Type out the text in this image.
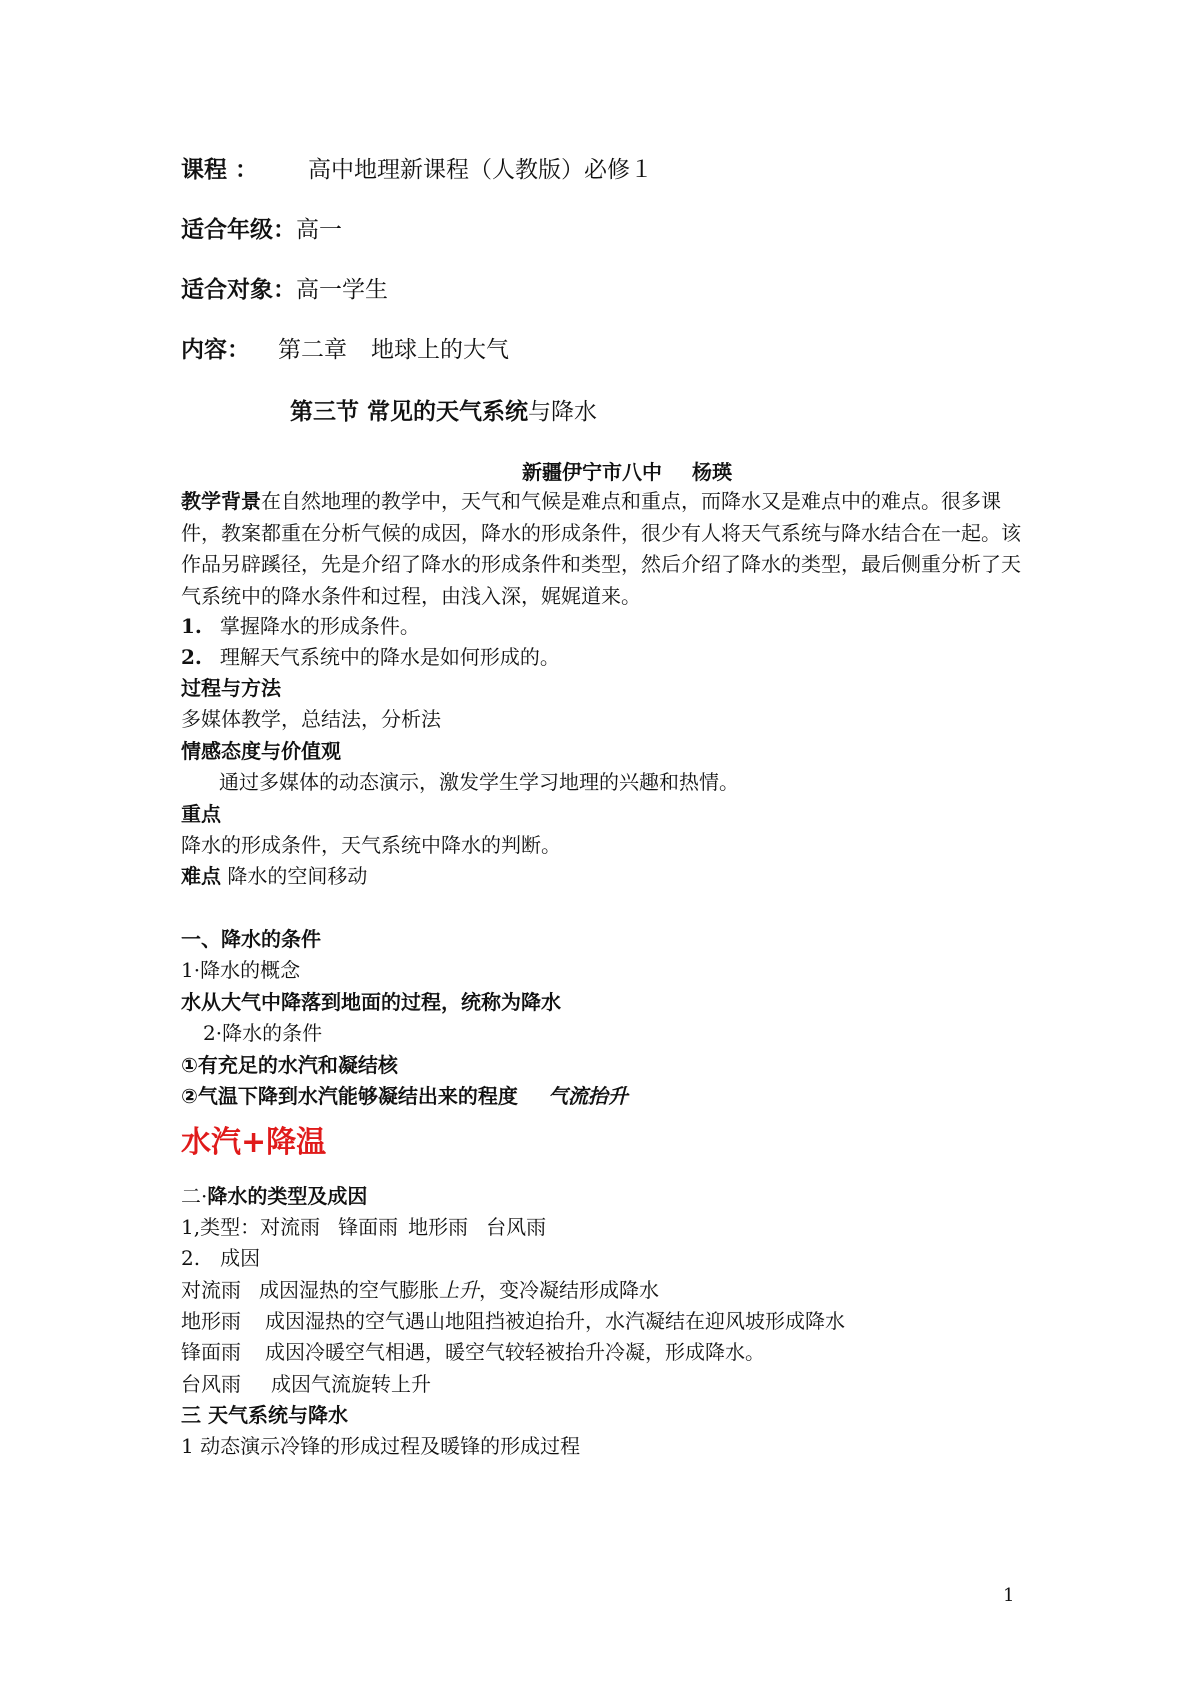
课程 ： 高中地理新课程（人教版）必修１
适合年级：高一
适合对象：高一学生
内容： 第二章 地球上的大气
第三节 常见的天气系统与降水
新疆伊宁市八中 杨瑛
教学背景在自然地理的教学中，天气和气候是难点和重点，而降水又是难点中的难点。很多课件，教案都重在分析气候的成因，降水的形成条件，很少有人将天气系统与降水结合在一起。该作品另辟蹊径，先是介绍了降水的形成条件和类型，然后介绍了降水的类型，最后侧重分析了天气系统中的降水条件和过程，由浅入深，娓娓道来。
1. 掌握降水的形成条件。
2. 理解天气系统中的降水是如何形成的。
过程与方法
多媒体教学，总结法，分析法
情感态度与价值观
通过多媒体的动态演示，激发学生学习地理的兴趣和热情。
重点
降水的形成条件，天气系统中降水的判断。
难点 降水的空间移动
一、降水的条件
1·降水的概念
水从大气中降落到地面的过程，统称为降水
2·降水的条件
①有充足的水汽和凝结核
②气温下降到水汽能够凝结出来的程度 气流抬升
水汽+降温
二·降水的类型及成因
1,类型：对流雨 锋面雨 地形雨 台风雨
2.　成因
对流雨 成因湿热的空气膨胀上升，变冷凝结形成降水
地形雨 成因湿热的空气遇山地阻挡被迫抬升，水汽凝结在迎风坡形成降水
锋面雨 成因冷暖空气相遇，暖空气较轻被抬升冷凝，形成降水。
台风雨 成因气流旋转上升
三 天气系统与降水
1 动态演示冷锋的形成过程及暖锋的形成过程
1
